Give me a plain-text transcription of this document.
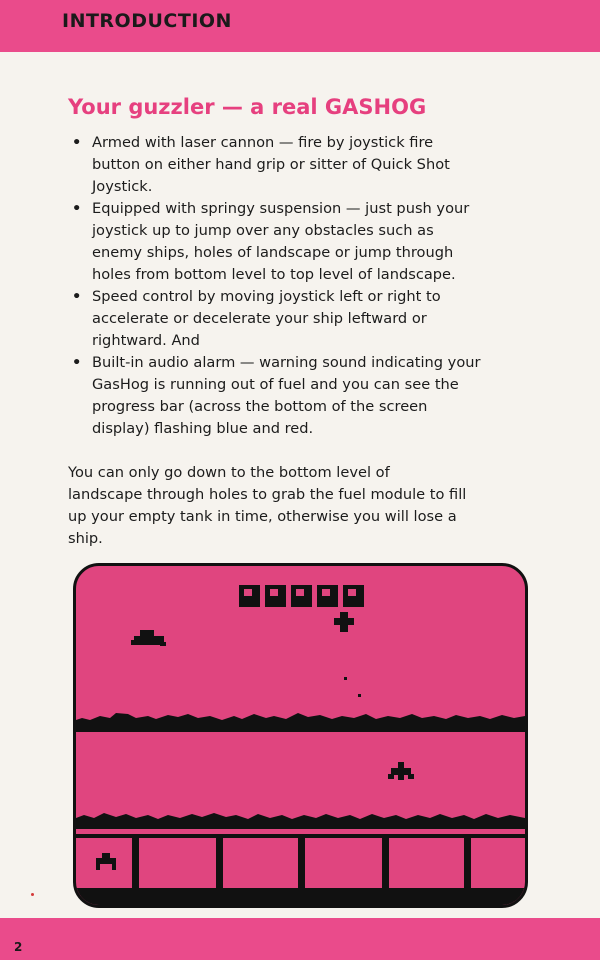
INTRODUCTION
Your guzzler — a real GASHOG
• Armed with laser cannon — fire by joystick fire
button on either hand grip or sitter of Quick Shot
Joystick.
• Equipped with springy suspension — just push your
joystick up to jump over any obstacles such as
enemy ships, holes of landscape or jump through
holes from bottom level to top level of landscape.
• Speed control by moving joystick left or right to
accelerate or decelerate your ship leftward or
rightward. And
• Built-in audio alarm — warning sound indicating your
GasHog is running out of fuel and you can see the
progress bar (across the bottom of the screen
display) flashing blue and red.
You can only go down to the bottom level of
landscape through holes to grab the fuel module to fill
up your empty tank in time, otherwise you will lose a
ship.
2
